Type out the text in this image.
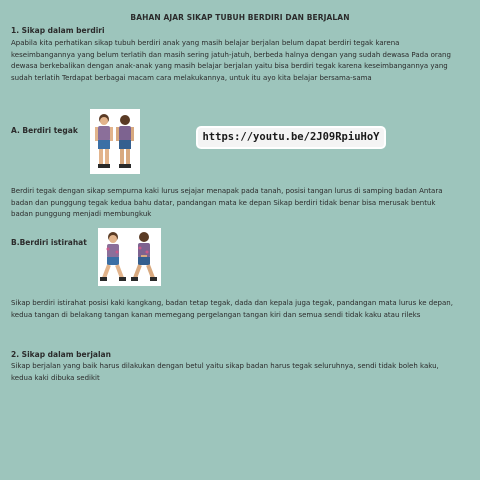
BAHAN AJAR SIKAP TUBUH BERDIRI DAN BERJALAN
1. Sikap dalam berdiri

Apabila kita perhatikan sikap tubuh berdiri anak yang masih belajar berjalan belum dapat berdiri tegak karena keseimbangannya yang belum terlatih dan masih sering jatuh-jatuh, berbeda halnya dengan yang sudah dewasa Pada orang dewasa berkebalikan dengan anak-anak yang masih belajar berjalan yaitu bisa berdiri tegak karena keseimbangannya yang sudah terlatih Terdapat berbagai macam cara melakukannya, untuk itu ayo kita belajar bersama-sama

A. Berdiri tegak
https://youtu.be/2J09RpiuHoY

Berdiri tegak dengan sikap sempurna kaki lurus sejajar menapak pada tanah, posisi tangan lurus di samping badan Antara badan dan punggung tegak kedua bahu datar, pandangan mata ke depan Sikap berdiri tidak benar bisa merusak bentuk badan punggung menjadi membungkuk

B.Berdiri istirahat

Sikap berdiri istirahat posisi kaki kangkang, badan tetap tegak, dada dan kepala juga tegak, pandangan mata lurus ke depan, kedua tangan di belakang tangan kanan memegang pergelangan tangan kiri dan semua sendi tidak kaku atau rileks

2. Sikap dalam berjalan

Sikap berjalan yang baik harus dilakukan dengan betul yaitu sikap badan harus tegak seluruhnya, sendi tidak boleh kaku, kedua kaki dibuka sedikit
